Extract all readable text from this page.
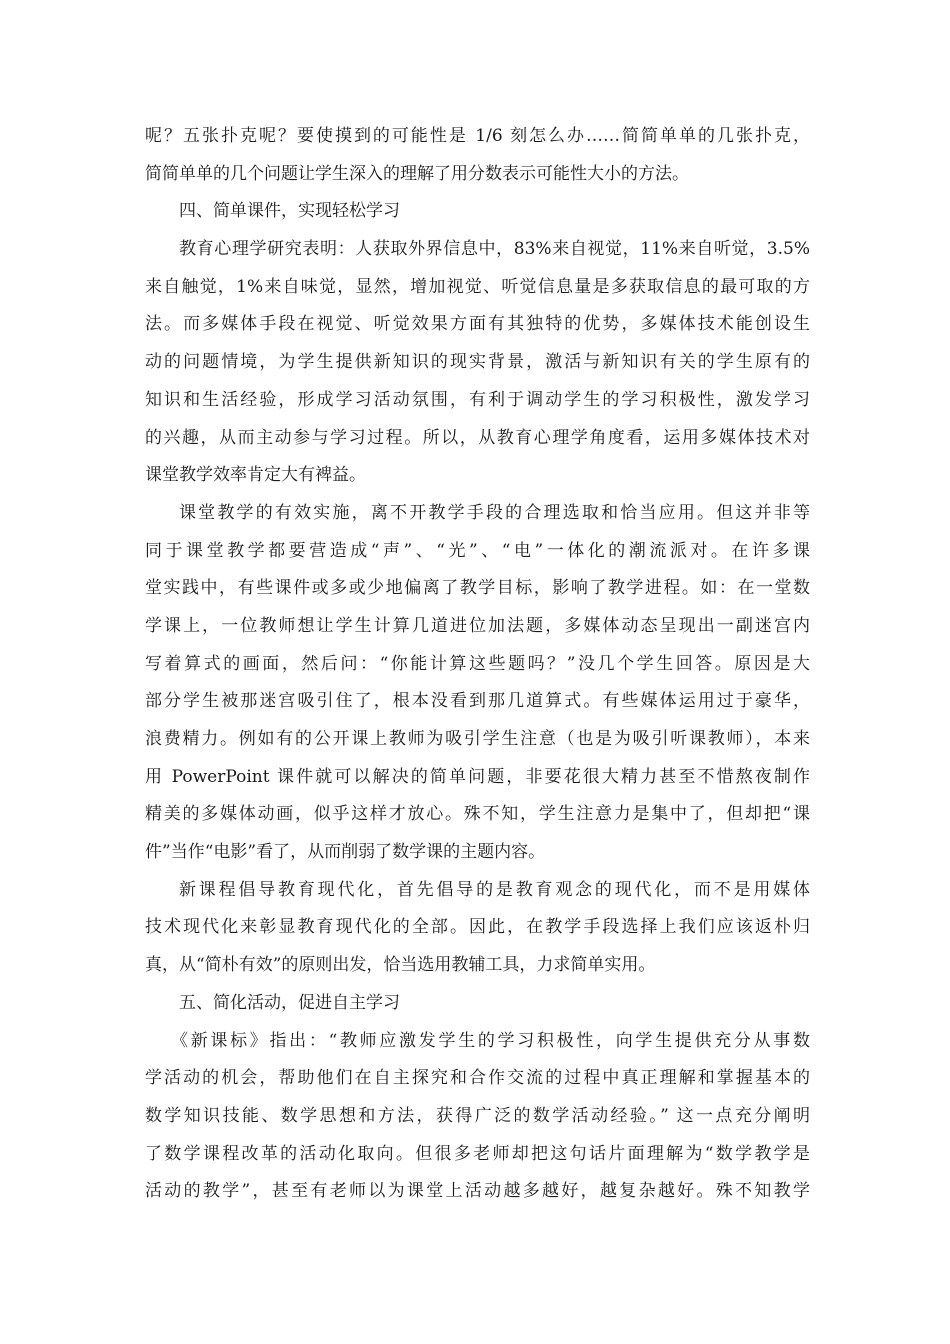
呢？五张扑克呢？要使摸到的可能性是 1/6 刻怎么办……简简单单的几张扑克，
简简单单的几个问题让学生深入的理解了用分数表示可能性大小的方法。
四、简单课件，实现轻松学习
教育心理学研究表明：人获取外界信息中，83%来自视觉，11%来自听觉，3.5%
来自触觉，1%来自味觉，显然，增加视觉、听觉信息量是多获取信息的最可取的方
法。而多媒体手段在视觉、听觉效果方面有其独特的优势，多媒体技术能创设生
动的问题情境，为学生提供新知识的现实背景，激活与新知识有关的学生原有的
知识和生活经验，形成学习活动氛围，有利于调动学生的学习积极性，激发学习
的兴趣，从而主动参与学习过程。所以，从教育心理学角度看，运用多媒体技术对
课堂教学效率肯定大有裨益。
课堂教学的有效实施，离不开教学手段的合理选取和恰当应用。但这并非等
同于课堂教学都要营造成“声”、“光”、“电”一体化的潮流派对。在许多课
堂实践中，有些课件或多或少地偏离了教学目标，影响了教学进程。如：在一堂数
学课上，一位教师想让学生计算几道进位加法题，多媒体动态呈现出一副迷宫内
写着算式的画面，然后问：“你能计算这些题吗？”没几个学生回答。原因是大
部分学生被那迷宫吸引住了，根本没看到那几道算式。有些媒体运用过于豪华，
浪费精力。例如有的公开课上教师为吸引学生注意（也是为吸引听课教师），本来
用 PowerPoint 课件就可以解决的简单问题，非要花很大精力甚至不惜熬夜制作
精美的多媒体动画，似乎这样才放心。殊不知，学生注意力是集中了，但却把“课
件”当作“电影”看了，从而削弱了数学课的主题内容。
新课程倡导教育现代化，首先倡导的是教育观念的现代化，而不是用媒体
技术现代化来彰显教育现代化的全部。因此，在教学手段选择上我们应该返朴归
真，从“简朴有效”的原则出发，恰当选用教辅工具，力求简单实用。
五、简化活动，促进自主学习
《新课标》指出：“教师应激发学生的学习积极性，向学生提供充分从事数
学活动的机会，帮助他们在自主探究和合作交流的过程中真正理解和掌握基本的
数学知识技能、数学思想和方法，获得广泛的数学活动经验。” 这一点充分阐明
了数学课程改革的活动化取向。但很多老师却把这句话片面理解为“数学教学是
活动的教学”，甚至有老师以为课堂上活动越多越好，越复杂越好。殊不知教学
